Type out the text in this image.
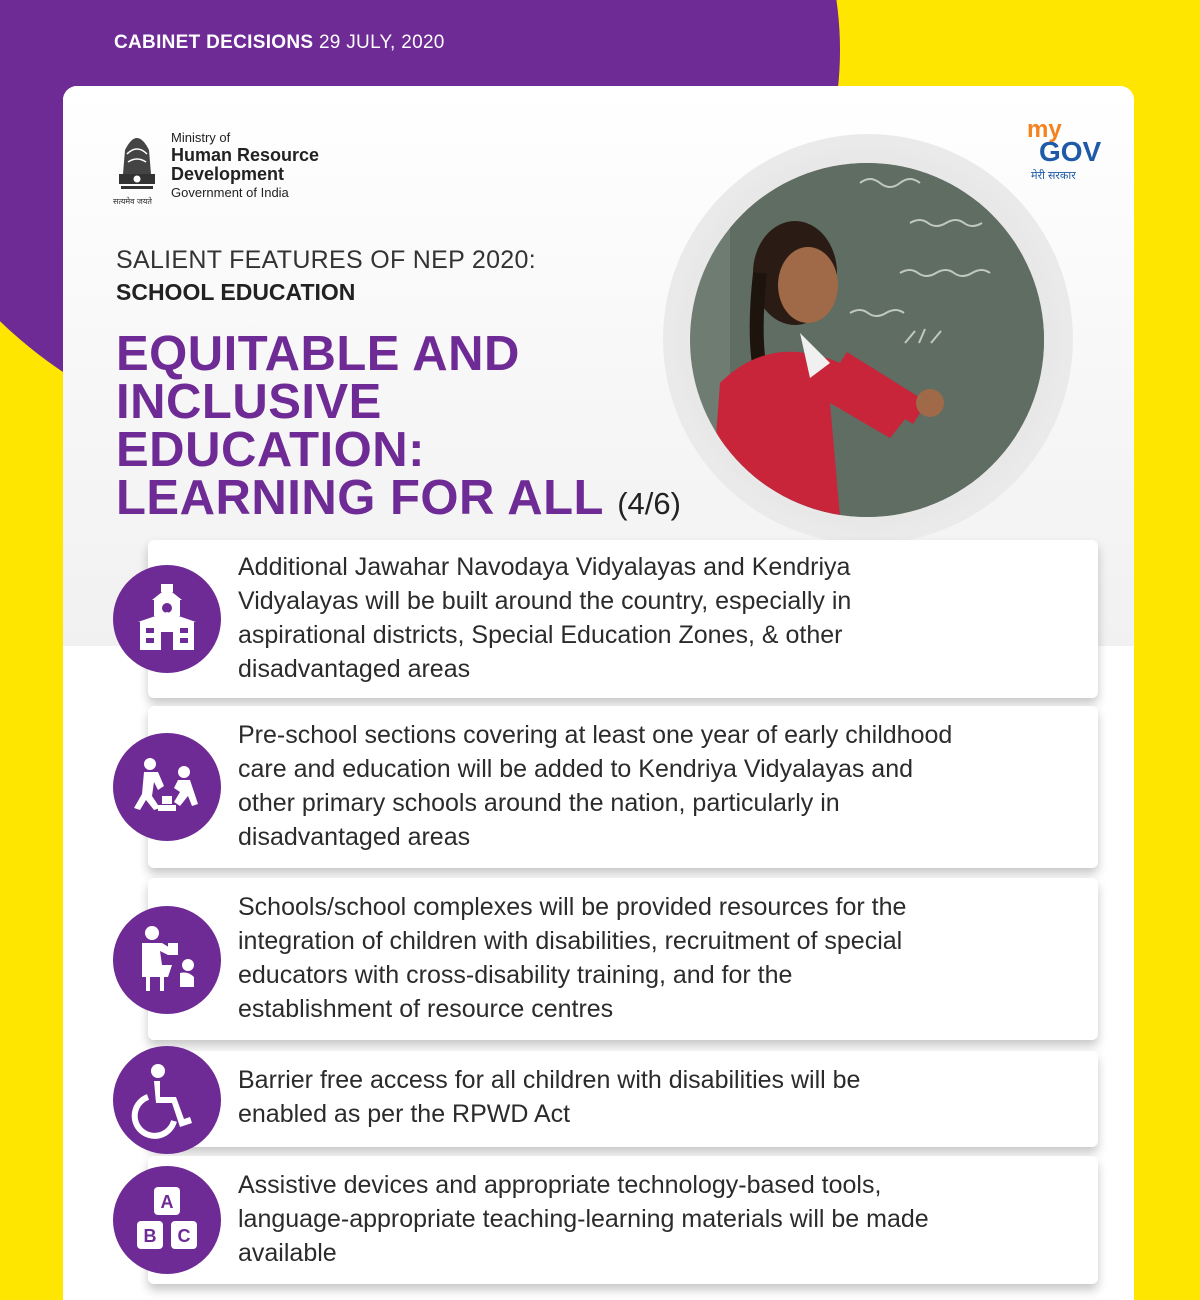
CABINET DECISIONS 29 JULY, 2020
Ministry of
Human Resource
Development
Government of India
सत्यमेव जयते
my
GOV
मेरी सरकार
SALIENT FEATURES OF NEP 2020:
SCHOOL EDUCATION
EQUITABLE AND
INCLUSIVE
EDUCATION:
LEARNING FOR ALL (4/6)
Additional Jawahar Navodaya Vidyalayas and Kendriya
Vidyalayas will be built around the country, especially in
aspirational districts, Special Education Zones, & other
disadvantaged areas
Pre-school sections covering at least one year of early childhood
care and education will be added to Kendriya Vidyalayas and
other primary schools around the nation, particularly in
disadvantaged areas
Schools/school complexes will be provided resources for the
integration of children with disabilities, recruitment of special
educators with cross-disability training, and for the
establishment of resource centres
Barrier free access for all children with disabilities will be
enabled as per the RPWD Act
Assistive devices and appropriate technology-based tools,
language-appropriate teaching-learning materials will be made
available
A
B C
